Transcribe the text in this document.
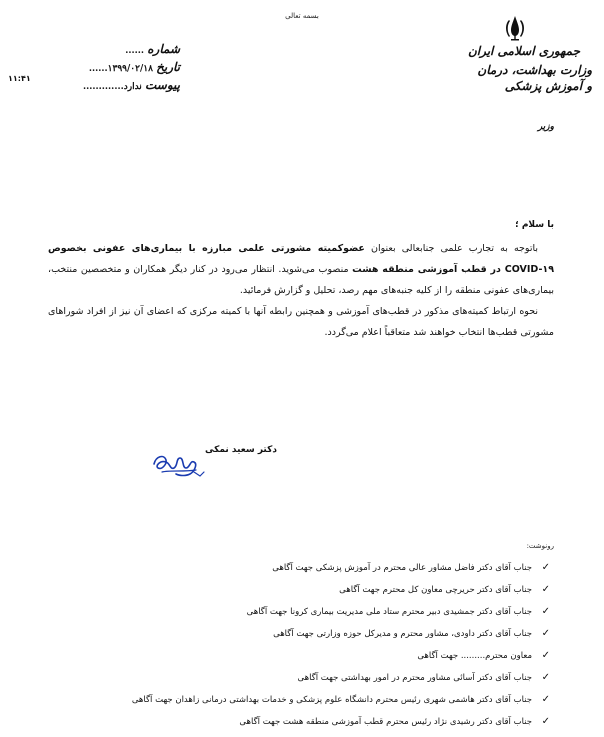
بسمه تعالی
جمهوری اسلامی ایران
وزارت بهداشت، درمان
و آموزش پزشکی
وزیر
شماره ......
تاریخ ۱۳۹۹/۰۲/۱۸......
پیوست ندارد.............
۱۱:۴۱
با سلام ؛

باتوجه به تجارب علمی جنابعالی بعنوان عضوکمیته مشورتی علمی مبارزه با بیماری‌های عفونی بخصوص COVID-۱۹ در قطب آموزشی منطقه هشت منصوب می‌شوید. انتظار می‌رود در کنار دیگر همکاران و متخصصین منتخب، بیماری‌های عفونی منطقه را از کلیه جنبه‌های مهم رصد، تحلیل و گزارش فرمائید.

نحوه ارتباط کمیته‌های مذکور در قطب‌های آموزشی و همچنین رابطه آنها با کمیته مرکزی که اعضای آن نیز از افراد شوراهای مشورتی قطب‌ها انتخاب خواهند شد متعاقباً اعلام می‌گردد.

دکتر سعید نمکی
رونوشت:
✓جناب آقای دکتر فاضل مشاور عالی محترم در آموزش پزشکی جهت آگاهی
✓جناب آقای دکتر حریرچی معاون کل محترم جهت آگاهی
✓جناب آقای دکتر جمشیدی دبیر محترم ستاد ملی مدیریت بیماری کرونا جهت آگاهی
✓جناب آقای دکتر داودی، مشاور محترم و مدیرکل حوزه وزارتی جهت آگاهی
✓معاون محترم......... جهت آگاهی
✓جناب آقای دکتر آسائی مشاور محترم در امور بهداشتی جهت آگاهی
✓جناب آقای دکتر هاشمی شهری رئیس محترم دانشگاه علوم پزشکی و خدمات بهداشتی درمانی زاهدان جهت آگاهی
✓جناب آقای دکتر رشیدی نژاد رئیس محترم قطب آموزشی منطقه هشت جهت آگاهی
